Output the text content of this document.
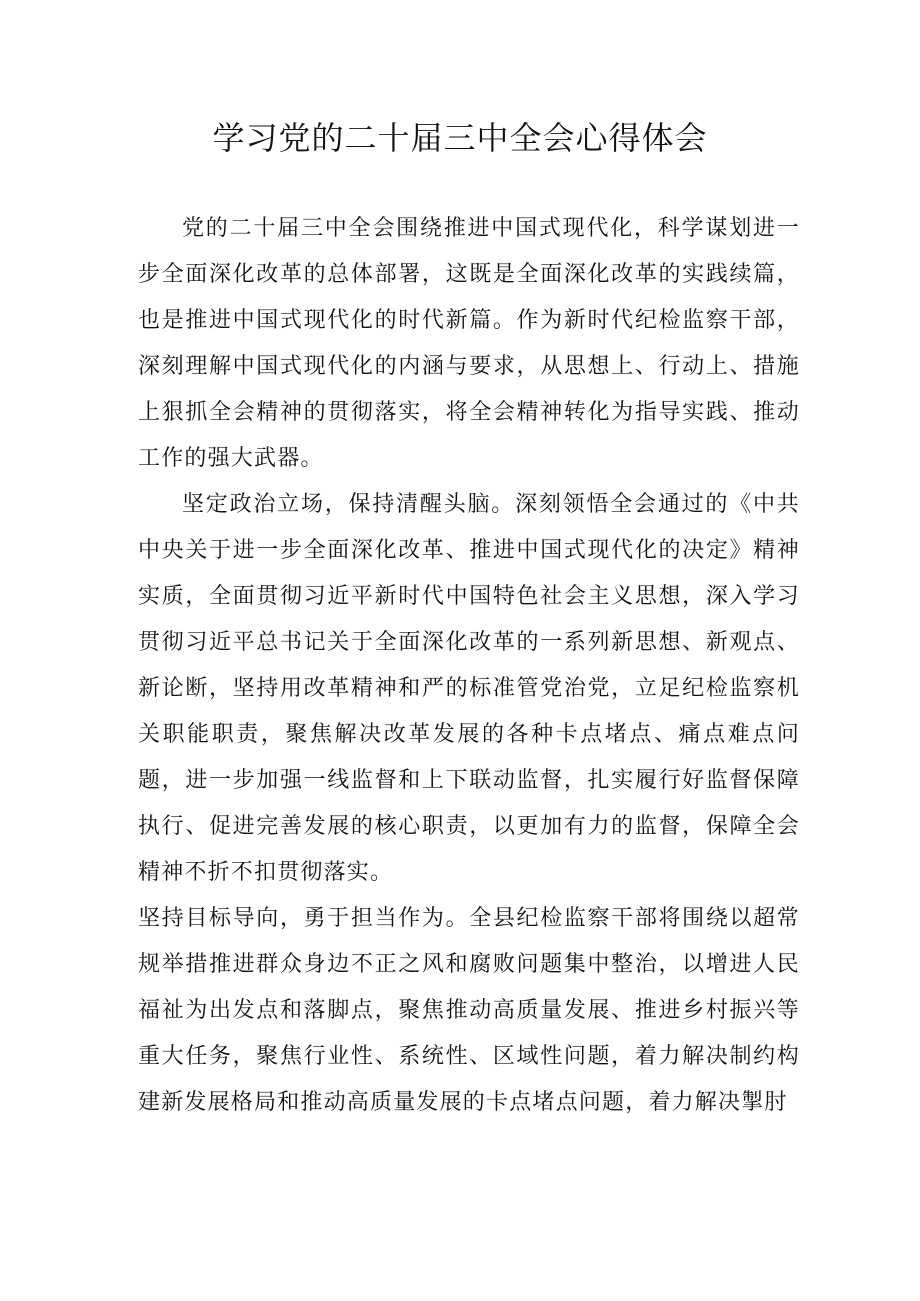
学习党的二十届三中全会心得体会

党的二十届三中全会围绕推进中国式现代化，科学谋划进一步全面深化改革的总体部署，这既是全面深化改革的实践续篇，也是推进中国式现代化的时代新篇。作为新时代纪检监察干部，深刻理解中国式现代化的内涵与要求，从思想上、行动上、措施上狠抓全会精神的贯彻落实，将全会精神转化为指导实践、推动工作的强大武器。

坚定政治立场，保持清醒头脑。深刻领悟全会通过的《中共中央关于进一步全面深化改革、推进中国式现代化的决定》精神实质，全面贯彻习近平新时代中国特色社会主义思想，深入学习贯彻习近平总书记关于全面深化改革的一系列新思想、新观点、新论断，坚持用改革精神和严的标准管党治党，立足纪检监察机关职能职责，聚焦解决改革发展的各种卡点堵点、痛点难点问题，进一步加强一线监督和上下联动监督，扎实履行好监督保障执行、促进完善发展的核心职责，以更加有力的监督，保障全会精神不折不扣贯彻落实。

坚持目标导向，勇于担当作为。全县纪检监察干部将围绕以超常规举措推进群众身边不正之风和腐败问题集中整治，以增进人民福祉为出发点和落脚点，聚焦推动高质量发展、推进乡村振兴等重大任务，聚焦行业性、系统性、区域性问题，着力解决制约构建新发展格局和推动高质量发展的卡点堵点问题，着力解决掣肘
